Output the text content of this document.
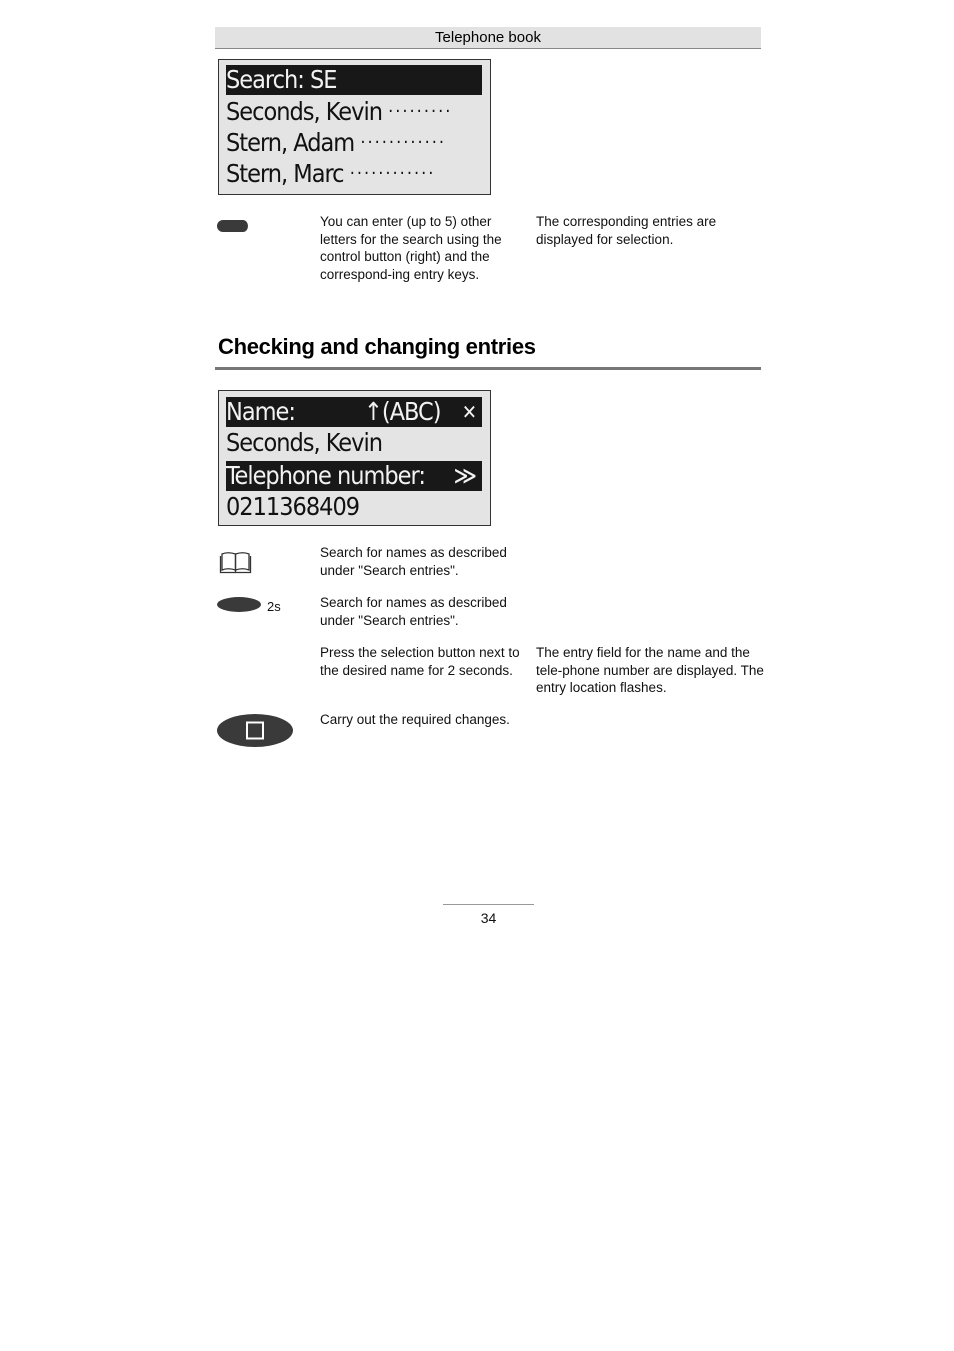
Telephone book
Search: SE
Seconds, Kevin ·········
Stern, Adam ············
Stern, Marc ············
You can enter (up to 5) other letters for the search using the control button (right) and the correspond-ing entry keys.
The corresponding entries are displayed for selection.
Checking and changing entries
Name:	↑(ABC) ✕
Seconds, Kevin
Telephone number: ≫
0211368409
Search for names as described under "Search entries".
2s	Search for names as described under "Search entries".
Press the selection button next to the desired name for 2 seconds.
The entry field for the name and the tele-phone number are displayed. The entry location flashes.
Carry out the required changes.
34
